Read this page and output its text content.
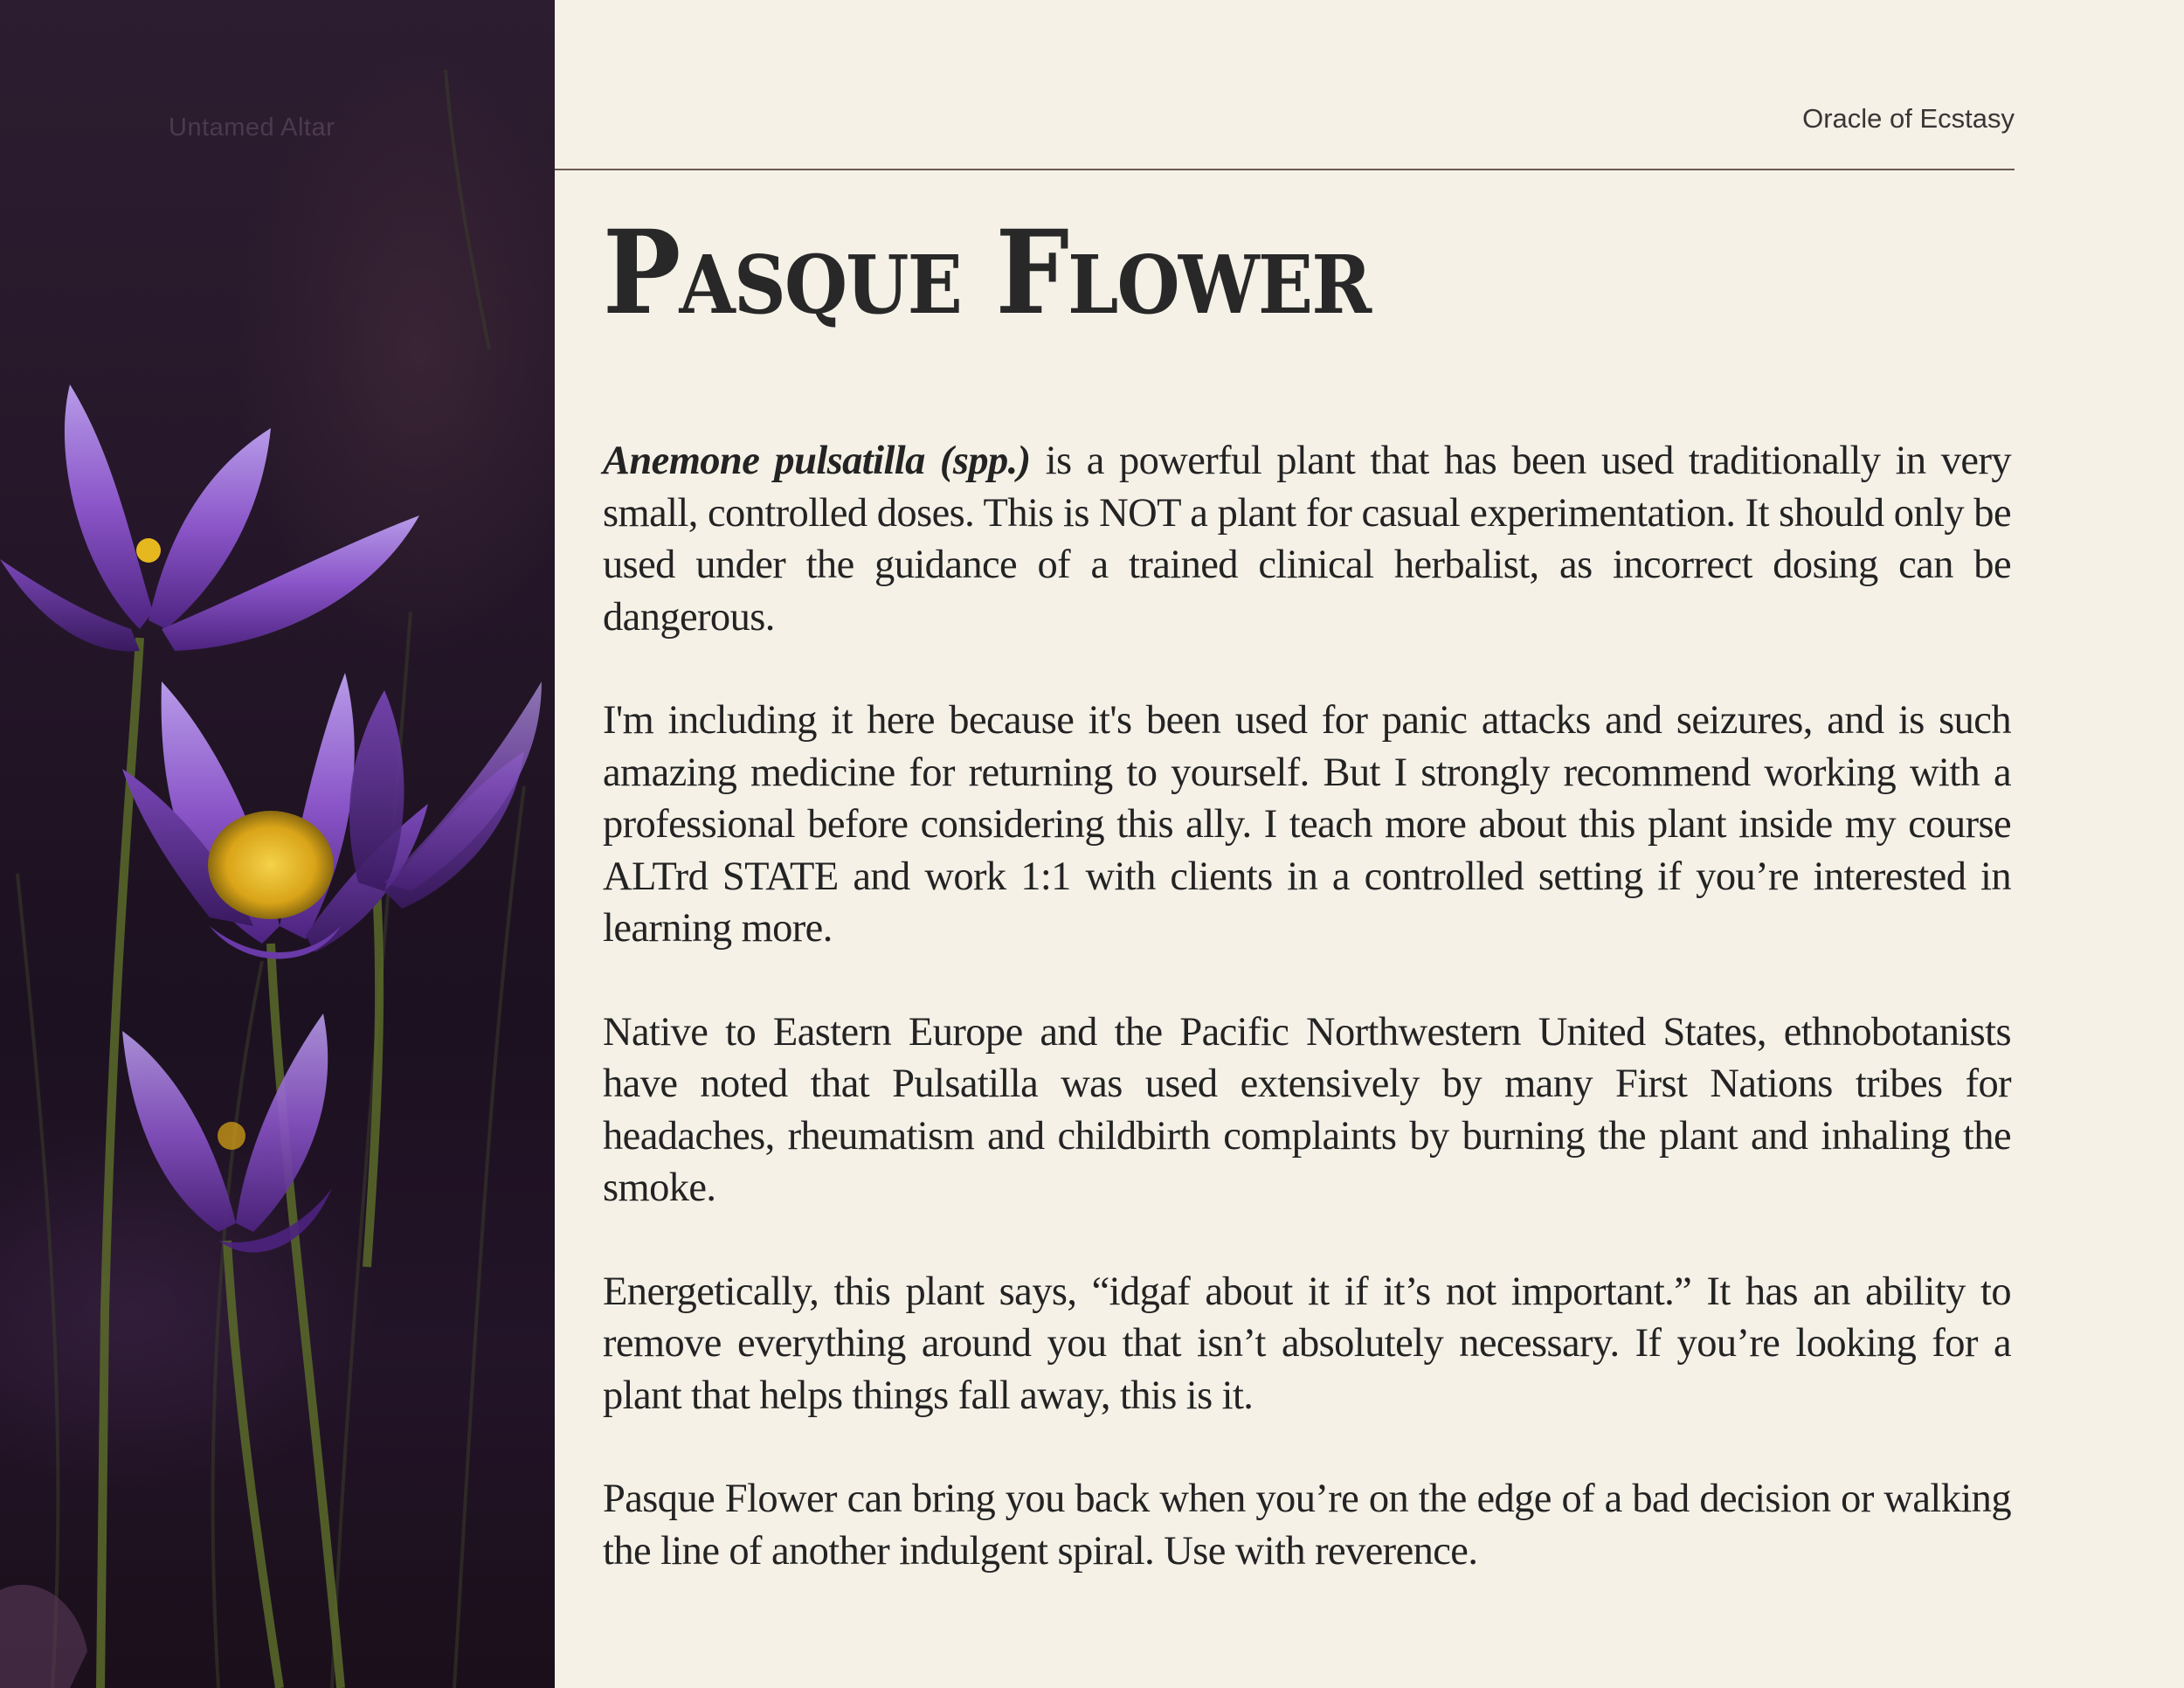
Untamed Altar	Oracle of Ecstasy
Pasque Flower

Anemone pulsatilla (spp.) is a powerful plant that has been used traditionally in very small, controlled doses. This is NOT a plant for casual experimentation. It should only be used under the guidance of a trained clinical herbalist, as incorrect dosing can be dangerous.

I'm including it here because it's been used for panic attacks and seizures, and is such amazing medicine for returning to yourself. But I strongly recommend working with a professional before considering this ally. I teach more about this plant inside my course ALTrd STATE and work 1:1 with clients in a controlled setting if you’re interested in learning more.

Native to Eastern Europe and the Pacific Northwestern United States, ethnobotanists have noted that Pulsatilla was used extensively by many First Nations tribes for headaches, rheumatism and childbirth complaints by burning the plant and inhaling the smoke.

Energetically, this plant says, “idgaf about it if it’s not important.” It has an ability to remove everything around you that isn’t absolutely necessary. If you’re looking for a plant that helps things fall away, this is it.

Pasque Flower can bring you back when you’re on the edge of a bad decision or walking the line of another indulgent spiral. Use with reverence.
